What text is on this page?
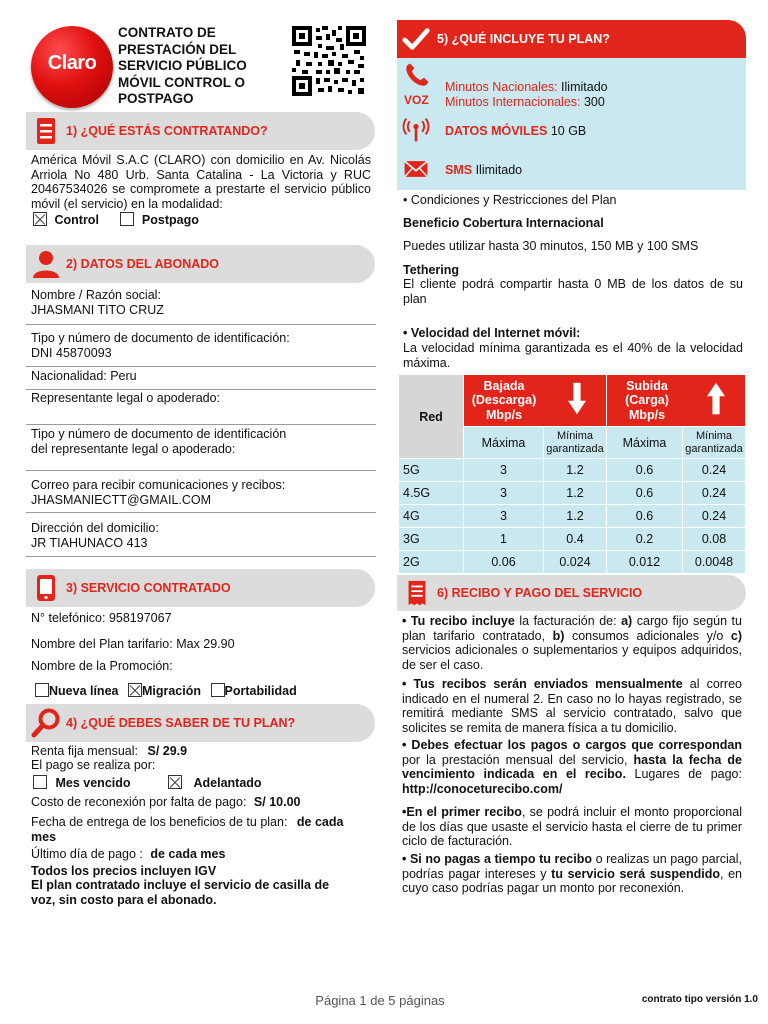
Claro
CONTRATO DE PRESTACIÓN DEL SERVICIO PÚBLICO MÓVIL CONTROL O POSTPAGO
1) ¿QUÉ ESTÁS CONTRATANDO?
América Móvil S.A.C (CLARO) con domicilio en Av. Nicolás Arriola No 480 Urb. Santa Catalina - La Victoria y RUC 20467534026 se compromete a prestarte el servicio público móvil (el servicio) en la modalidad:
Control	Postpago
2) DATOS DEL ABONADO
Nombre / Razón social:
JHASMANI TITO CRUZ
Tipo y número de documento de identificación:
DNI 45870093
Nacionalidad: Peru
Representante legal o apoderado:
Tipo y número de documento de identificación
del representante legal o apoderado:
Correo para recibir comunicaciones y recibos:
JHASMANIECTT@GMAIL.COM
Dirección del domicilio:
JR TIAHUNACO 413
3) SERVICIO CONTRATADO
N° telefónico: 958197067
Nombre del Plan tarifario: Max 29.90
Nombre de la Promoción:
Nueva línea Migración Portabilidad
4) ¿QUÉ DEBES SABER DE TU PLAN?
Renta fija mensual: S/ 29.9
El pago se realiza por:
Mes vencido	Adelantado
Costo de reconexión por falta de pago: S/ 10.00
Fecha de entrega de los beneficios de tu plan: de cada
mes
Último día de pago : de cada mes
Todos los precios incluyen IGV
El plan contratado incluye el servicio de casilla de voz, sin costo para el abonado.
5) ¿QUÉ INCLUYE TU PLAN?
VOZ
Minutos Nacionales: Ilimitado
Minutos Internacionales: 300
DATOS MÓVILES 10 GB
SMS Ilimitado
• Condiciones y Restricciones del Plan
Beneficio Cobertura Internacional
Puedes utilizar hasta 30 minutos, 150 MB y 100 SMS
Tethering
El cliente podrá compartir hasta 0 MB de los datos de su plan
• Velocidad del Internet móvil:
La velocidad mínima garantizada es el 40% de la velocidad máxima.
Red	Bajada (Descarga) Mbp/s		Subida (Carga) Mbp/s	

	Máxima	Mínima garantizada	Máxima	Mínima garantizada
5G	3	1.2	0.6	0.24
4.5G	3	1.2	0.6	0.24
4G	3	1.2	0.6	0.24
3G	1	0.4	0.2	0.08
2G	0.06	0.024	0.012	0.0048
6) RECIBO Y PAGO DEL SERVICIO
• Tu recibo incluye la facturación de: a) cargo fijo según tu plan tarifario contratado, b) consumos adicionales y/o c) servicios adicionales o suplementarios y equipos adquiridos, de ser el caso.
• Tus recibos serán enviados mensualmente al correo indicado en el numeral 2. En caso no lo hayas registrado, se remitirá mediante SMS al servicio contratado, salvo que solicites se remita de manera física a tu domicilio.
• Debes efectuar los pagos o cargos que correspondan por la prestación mensual del servicio, hasta la fecha de vencimiento indicada en el recibo. Lugares de pago: http://conoceturecibo.com/
•En el primer recibo, se podrá incluir el monto proporcional de los días que usaste el servicio hasta el cierre de tu primer ciclo de facturación.
• Si no pagas a tiempo tu recibo o realizas un pago parcial, podrías pagar intereses y tu servicio será suspendido, en cuyo caso podrías pagar un monto por reconexión.
Página 1 de 5 páginas	contrato tipo versión 1.0
